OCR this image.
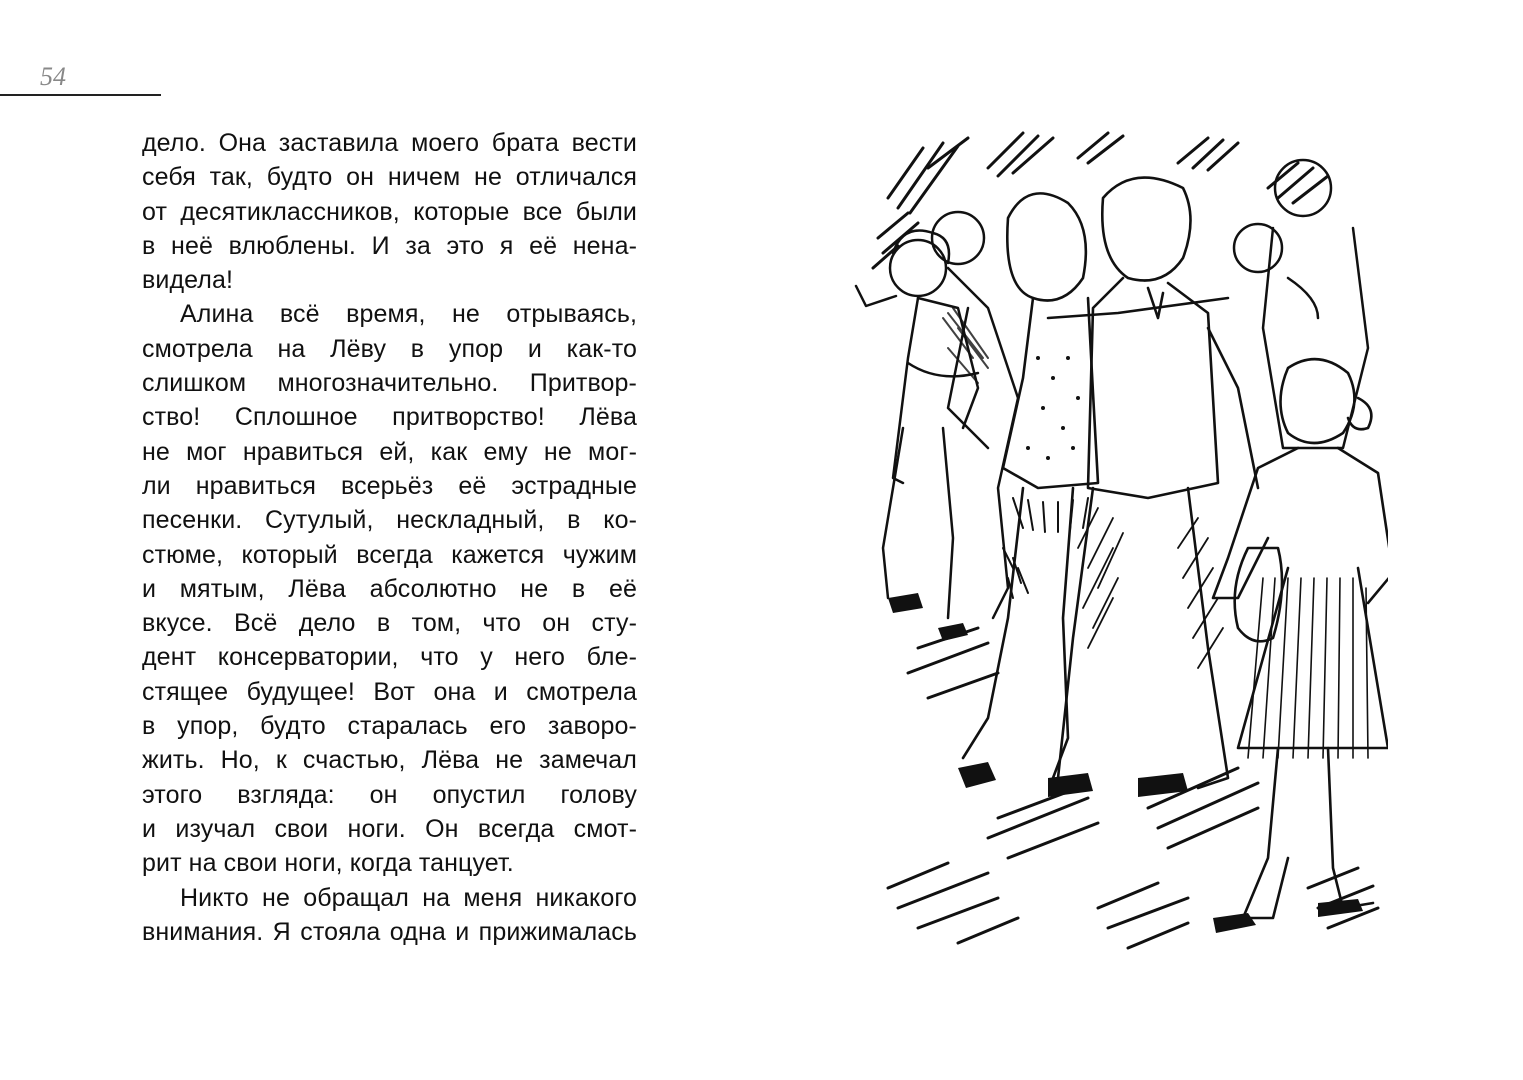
54
дело. Она заставила моего брата вести
себя так, будто он ничем не отличался
от десятиклассников, которые все были
в неё влюблены. И за это я её нена-
видела!
Алина всё время, не отрываясь,
смотрела на Лёву в упор и как-то
слишком многозначительно. Притвор-
ство! Сплошное притворство! Лёва
не мог нравиться ей, как ему не мог-
ли нравиться всерьёз её эстрадные
песенки. Сутулый, нескладный, в ко-
стюме, который всегда кажется чужим
и мятым, Лёва абсолютно не в её
вкусе. Всё дело в том, что он сту-
дент консерватории, что у него бле-
стящее будущее! Вот она и смотрела
в упор, будто старалась его заворо-
жить. Но, к счастью, Лёва не замечал
этого взгляда: он опустил голову
и изучал свои ноги. Он всегда смот-
рит на свои ноги, когда танцует.
Никто не обращал на меня никакого
внимания. Я стояла одна и прижималась
